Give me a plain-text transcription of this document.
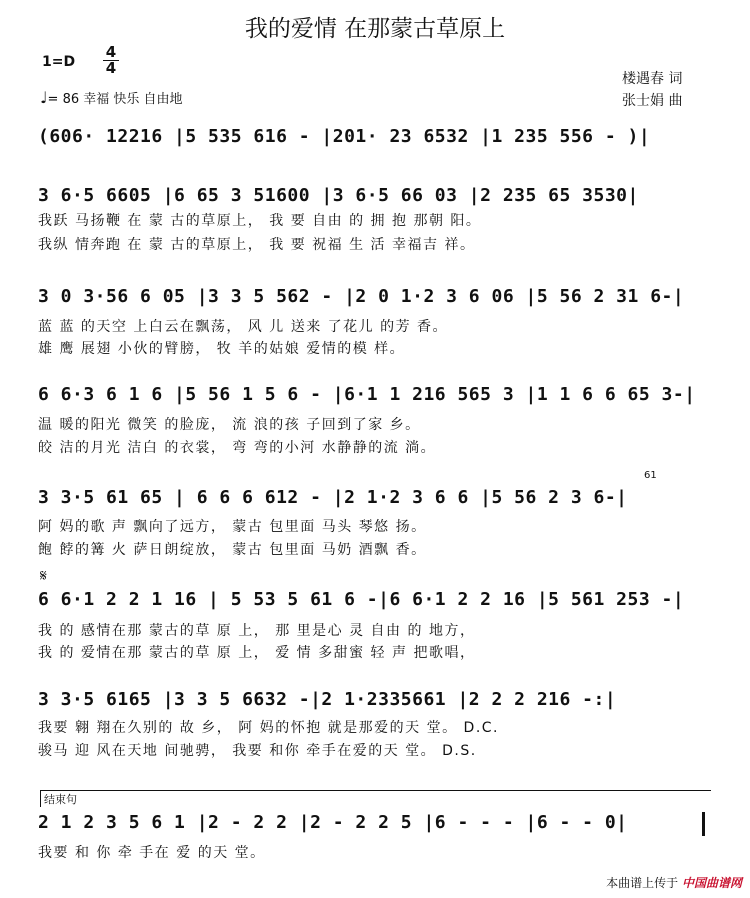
我的爱情 在那蒙古草原上
$1=D \frac{4}{4}$
♩= 86 幸福 快乐 自由地
楼遇春 词
张士娟 曲
(606· 12216 |5 535 616 - |201· 23 6532 |1 235 556 - )|
3 6·5 6605 |6 65 3 51600 |3 6·5 66 03 |2 235 65 3530|
我跃 马扬鞭 在 蒙 古的草原上， 我 要 自由 的 拥 抱 那朝 阳。
我纵 情奔跑 在 蒙 古的草原上， 我 要 祝福 生 活 幸福吉 祥。
3 0 3·56 6 05 |3 3 5 562 - |2 0 1·2 3 6 06 |5 56 2 31 6-|
蓝 蓝 的天空 上白云在飘荡， 风 儿 送来 了花儿 的芳 香。
雄 鹰 展翅 小伙的臂膀， 牧 羊的姑娘 爱情的模 样。
6 6·3 6 1 6 |5 56 1 5 6 - |6·1 1 216 565 3 |1 1 6 6 65 3-|
温 暖的阳光 微笑 的脸庞， 流 浪的孩 子回到了家 乡。
皎 洁的月光 洁白 的衣裳， 弯 弯的小河 水静静的流 淌。
61
3 3·5 61 65 | 6 6 6 612 - |2 1·2 3 6 6 |5 56 2 3 6-|
阿 妈的歌 声 飘向了远方， 蒙古 包里面 马头 琴悠 扬。
飽 餑的篝 火 萨日朗绽放， 蒙古 包里面 马奶 酒飘 香。
𝄋
6 6·1 2 2 1 16 | 5 53 5 61 6 -|6 6·1 2 2 16 |5 561 253 -|
我 的 感情在那 蒙古的草 原 上， 那 里是心 灵 自由 的 地方，
我 的 爱情在那 蒙古的草 原 上， 爱 情 多甜蜜 轻 声 把歌唱，
3 3·5 6165 |3 3 5 6632 -|2 1·2335661 |2 2 2 216 -:|
我要 翱 翔在久别的 故 乡， 阿 妈的怀抱 就是那爱的天 堂。 D.C.
骏马 迎 风在天地 间驰骋， 我要 和你 牵手在爱的天 堂。 D.S.
结束句
2 1 2 3 5 6 1 |2 - 2 2 |2 - 2 2 5 |6 - - - |6 - - 0|
我要 和 你 牵 手在 爱 的天 堂。
本曲谱上传于 中国曲谱网
